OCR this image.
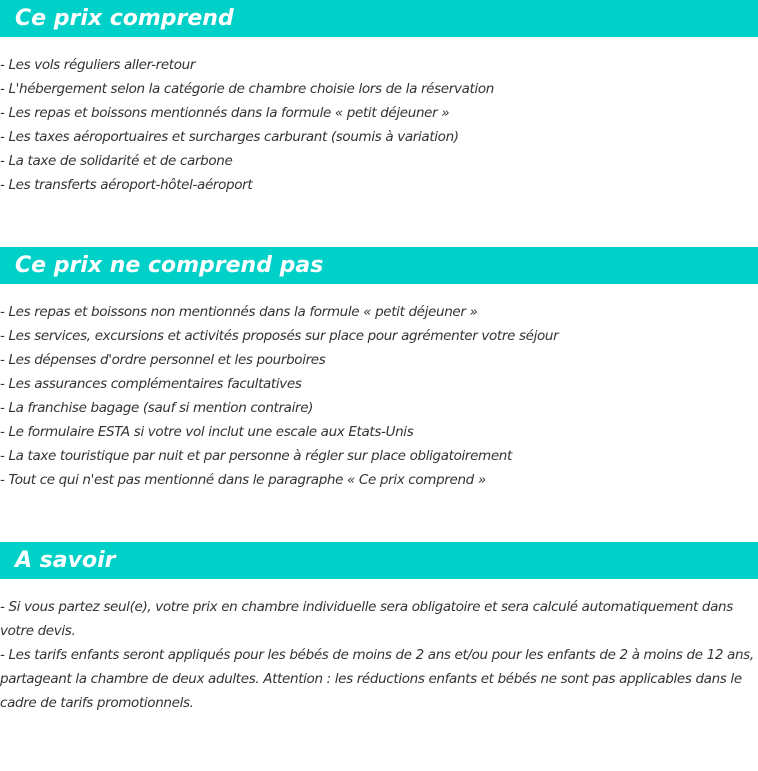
Ce prix comprend
- Les vols réguliers aller-retour
- L'hébergement selon la catégorie de chambre choisie lors de la réservation
- Les repas et boissons mentionnés dans la formule « petit déjeuner »
- Les taxes aéroportuaires et surcharges carburant (soumis à variation)
- La taxe de solidarité et de carbone
- Les transferts aéroport-hôtel-aéroport
Ce prix ne comprend pas
- Les repas et boissons non mentionnés dans la formule « petit déjeuner »
- Les services, excursions et activités proposés sur place pour agrémenter votre séjour
- Les dépenses d'ordre personnel et les pourboires
- Les assurances complémentaires facultatives
- La franchise bagage (sauf si mention contraire)
- Le formulaire ESTA si votre vol inclut une escale aux Etats-Unis
- La taxe touristique par nuit et par personne à régler sur place obligatoirement
- Tout ce qui n'est pas mentionné dans le paragraphe « Ce prix comprend »
A savoir
- Si vous partez seul(e), votre prix en chambre individuelle sera obligatoire et sera calculé automatiquement dans votre devis.
- Les tarifs enfants seront appliqués pour les bébés de moins de 2 ans et/ou pour les enfants de 2 à moins de 12 ans, partageant la chambre de deux adultes. Attention : les réductions enfants et bébés ne sont pas applicables dans le cadre de tarifs promotionnels.
